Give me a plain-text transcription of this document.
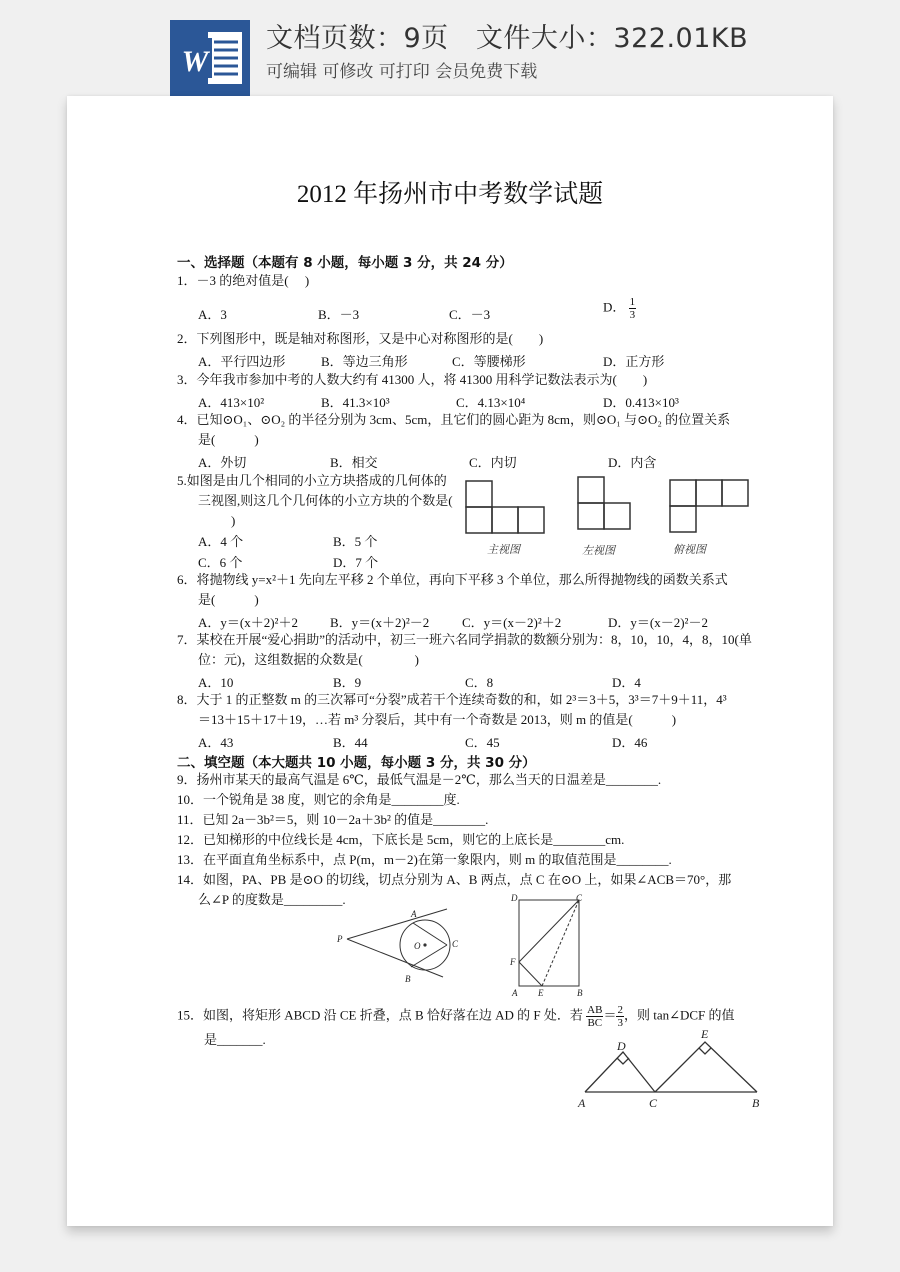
W
文档页数：9页   文件大小：322.01KB
可编辑 可修改 可打印 会员免费下载
2012 年扬州市中考数学试题
一、选择题（本题有 8 小题，每小题 3 分，共 24 分）
1．－3 的绝对值是(　 )
A．3	B．－3	C．－3
D． $\frac{1}{3}$
2．下列图形中，既是轴对称图形，又是中心对称图形的是(　　)
A．平行四边形	B．等边三角形	C．等腰梯形	D．正方形
3．今年我市参加中考的人数大约有 41300 人，将 41300 用科学记数法表示为(　　)
A．413×10²	B．41.3×10³	C．4.13×10⁴	D．0.413×10³
4．已知⊙O₁、⊙O₂ 的半径分别为 3cm、5cm，且它们的圆心距为 8cm，则⊙O₁ 与⊙O₂ 的位置关系
是(　　　)
A．外切	B．相交	C．内切	D．内含
5.如图是由几个相同的小立方块搭成的几何体的
三视图,则这几个几何体的小立方块的个数是(
)
A．4 个	B．5 个
C．6 个	D．7 个
主视图	左视图	俯视图
6．将抛物线 y=x²＋1 先向左平移 2 个单位，再向下平移 3 个单位，那么所得抛物线的函数关系式
是(　　　)
A．y＝(x＋2)²＋2 B．y＝(x＋2)²－2	C．y＝(x－2)²＋2	D．y＝(x－2)²－2
7．某校在开展“爱心捐助”的活动中，初三一班六名同学捐款的数额分别为：8，10，10，4，8，10(单
位：元)，这组数据的众数是(　　　　)
A．10	B．9	C．8	D．4
8．大于 1 的正整数 m 的三次幂可“分裂”成若干个连续奇数的和，如 2³＝3＋5，3³＝7＋9＋11，4³
＝13＋15＋17＋19，…若 m³ 分裂后，其中有一个奇数是 2013，则 m 的值是(　　　)
A．43	B．44	C．45	D．46
二、填空题（本大题共 10 小题，每小题 3 分，共 30 分）
9．扬州市某天的最高气温是 6℃，最低气温是－2℃，那么当天的日温差是________.
10．一个锐角是 38 度，则它的余角是________度.
11．已知 2a－3b²＝5，则 10－2a＋3b² 的值是________.
12．已知梯形的中位线长是 4cm，下底长是 5cm，则它的上底长是________cm.
13．在平面直角坐标系中，点 P(m，m－2)在第一象限内，则 m 的取值范围是________.
14．如图，PA、PB 是⊙O 的切线，切点分别为 A、B 两点，点 C 在⊙O 上，如果∠ACB＝70°，那
么∠P 的度数是_________.
P
A
O	C
B
D	C
F
A E	B
15．如图，将矩形 ABCD 沿 CE 折叠，点 B 恰好落在边 AD 的 F 处．若 $\frac{AB}{BC} = \frac{2}{3}$ ，则 tan∠DCF 的值
是_______.	D
E
A	C	B
